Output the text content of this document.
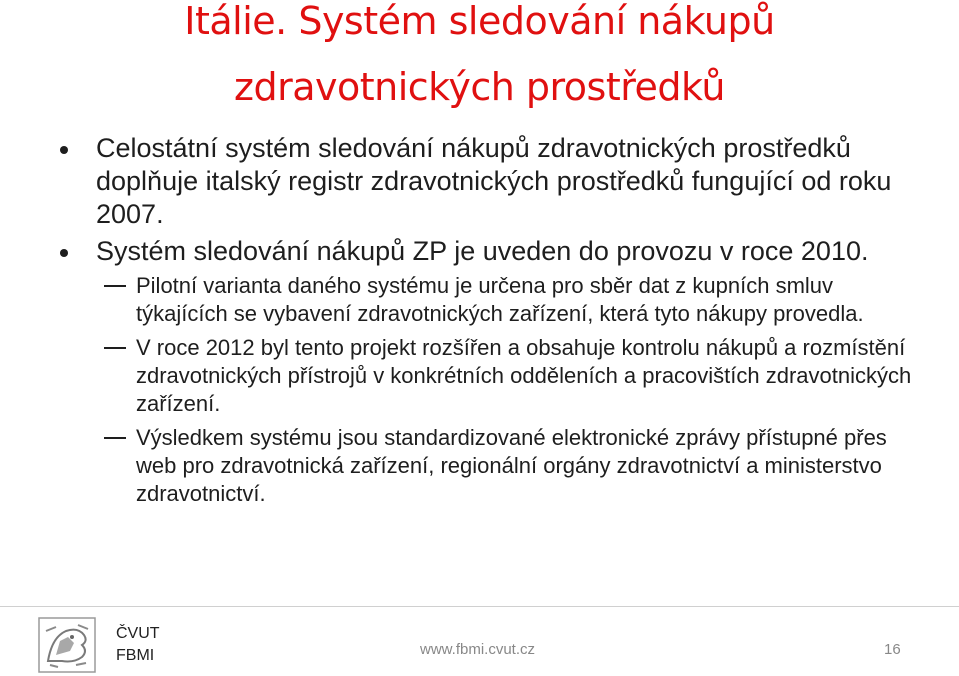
Itálie. Systém sledování nákupů
zdravotnických prostředků
Celostátní systém sledování nákupů zdravotnických prostředků doplňuje italský registr zdravotnických prostředků fungující od roku 2007.
Systém sledování nákupů ZP je uveden do provozu v roce 2010.
Pilotní varianta daného systému je určena pro sběr dat z kupních smluv týkajících se vybavení zdravotnických zařízení, která tyto nákupy provedla.
V roce 2012 byl tento projekt rozšířen a obsahuje kontrolu nákupů a rozmístění zdravotnických přístrojů v konkrétních odděleních a pracovištích zdravotnických zařízení.
Výsledkem systému jsou standardizované elektronické zprávy přístupné přes web pro zdravotnická zařízení, regionální orgány zdravotnictví a ministerstvo zdravotnictví.
ČVUT
FBMI	www.fbmi.cvut.cz	16
